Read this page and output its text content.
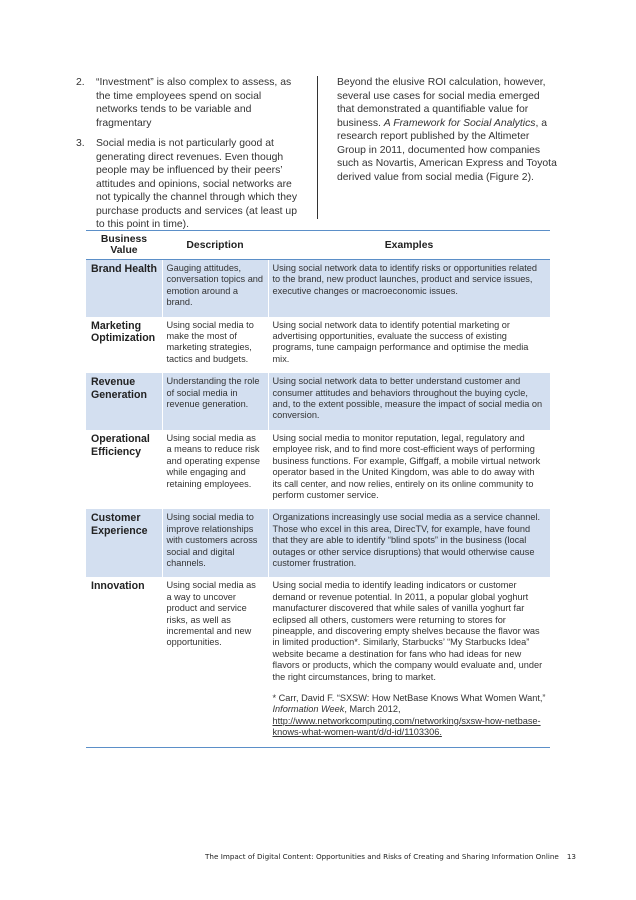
2. “Investment” is also complex to assess, as the time employees spend on social networks tends to be variable and fragmentary
3. Social media is not particularly good at generating direct revenues. Even though people may be influenced by their peers’ attitudes and opinions, social networks are not typically the channel through which they purchase products and services (at least up to this point in time).

Beyond the elusive ROI calculation, however, several use cases for social media emerged that demonstrated a quantifiable value for business. A Framework for Social Analytics, a research report published by the Altimeter Group in 2011, documented how companies such as Novartis, American Express and Toyota derived value from social media (Figure 2).

Business Value	Description	Examples
Brand Health	Gauging attitudes, conversation topics and emotion around a brand.	Using social network data to identify risks or opportunities related to the brand, new product launches, product and service issues, executive changes or macroeconomic issues.
Marketing Optimization	Using social media to make the most of marketing strategies, tactics and budgets.	Using social network data to identify potential marketing or advertising opportunities, evaluate the success of existing programs, tune campaign performance and optimise the media mix.
Revenue Generation	Understanding the role of social media in revenue generation.	Using social network data to better understand customer and consumer attitudes and behaviors throughout the buying cycle, and, to the extent possible, measure the impact of social media on conversion.
Operational Efficiency	Using social media as a means to reduce risk and operating expense while engaging and retaining employees.	Using social media to monitor reputation, legal, regulatory and employee risk, and to find more cost-efficient ways of performing business functions. For example, Giffgaff, a mobile virtual network operator based in the United Kingdom, was able to do away with its call center, and now relies, entirely on its online community to perform customer service.
Customer Experience	Using social media to improve relationships with customers across social and digital channels.	Organizations increasingly use social media as a service channel. Those who excel in this area, DirecTV, for example, have found that they are able to identify “blind spots” in the business (local outages or other service disruptions) that would otherwise cause customer frustration.
Innovation	Using social media as a way to uncover product and service risks, as well as incremental and new opportunities.	Using social media to identify leading indicators or customer demand or revenue potential. In 2011, a popular global yoghurt manufacturer discovered that while sales of vanilla yoghurt far eclipsed all others, customers were returning to stores for pineapple, and discovering empty shelves because the flavor was in limited production*. Similarly, Starbucks’ “My Starbucks Idea” website became a destination for fans who had ideas for new flavors or products, which the company would evaluate and, under the right circumstances, bring to market.
* Carr, David F. “SXSW: How NetBase Knows What Women Want,” Information Week, March 2012,
http://www.networkcomputing.com/networking/sxsw-how-netbase-knows-what-women-want/d/d-id/1103306.
The Impact of Digital Content: Opportunities and Risks of Creating and Sharing Information Online 13
